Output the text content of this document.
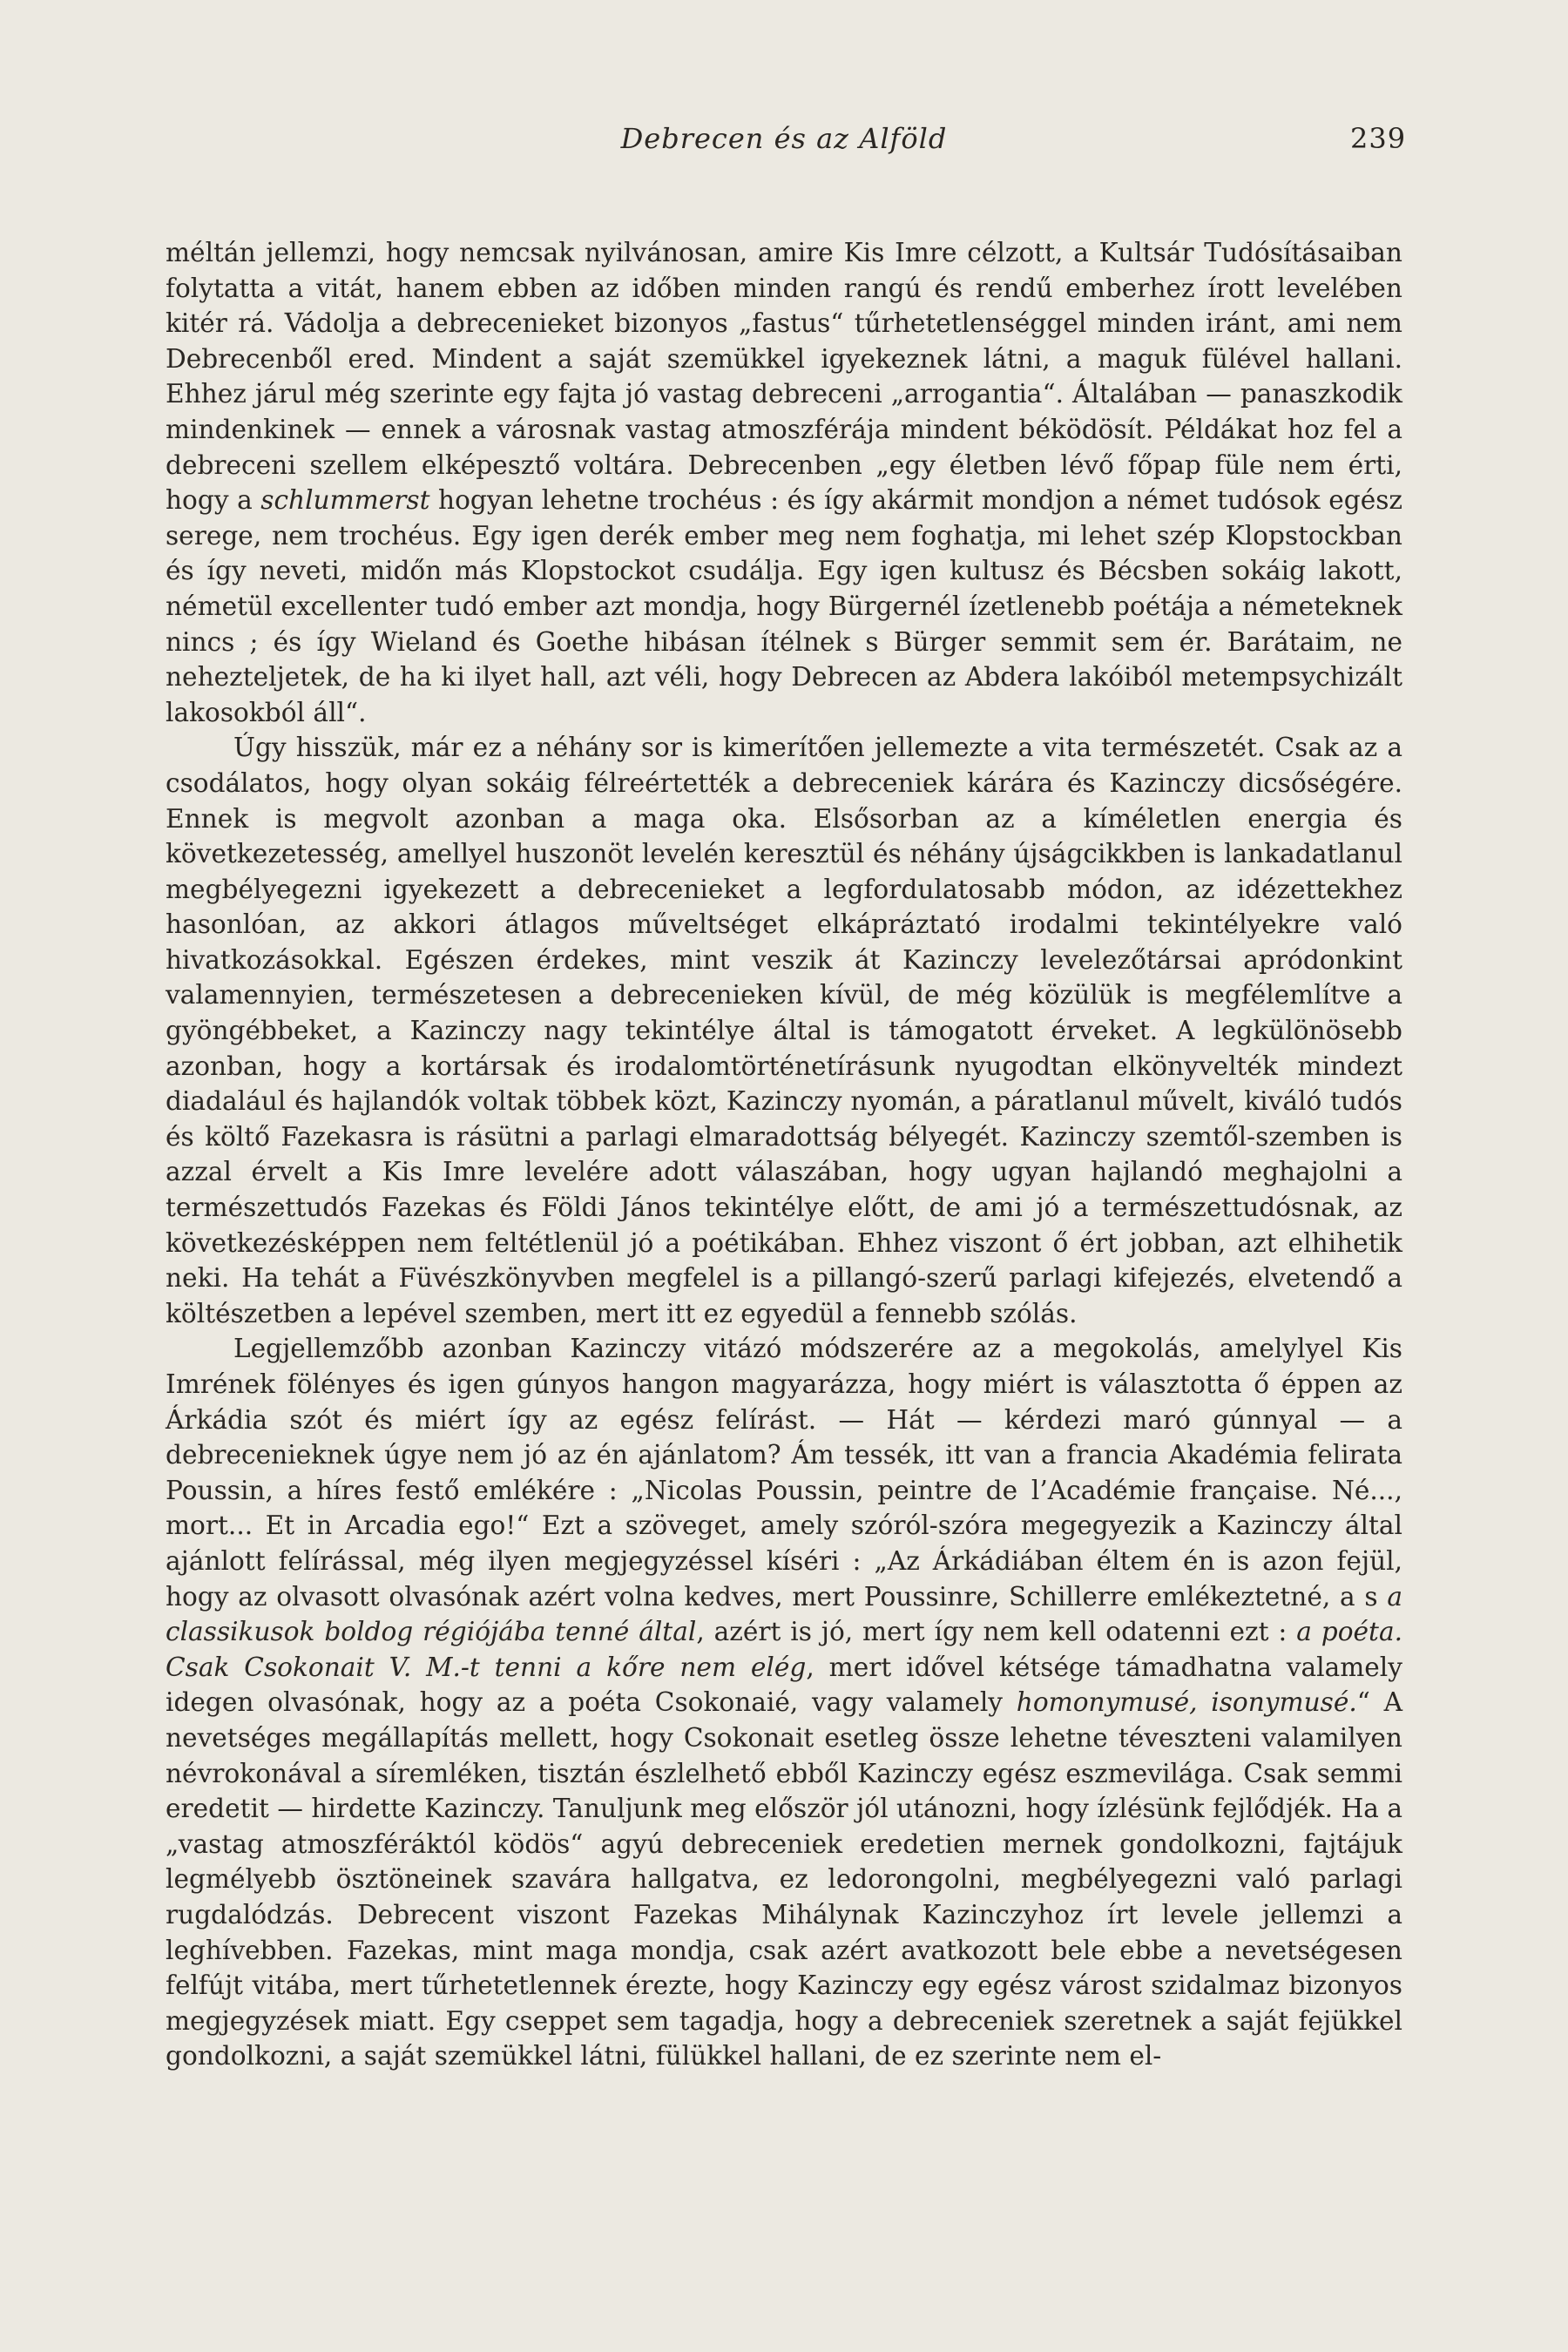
Debrecen és az Alföld	239

méltán jellemzi, hogy nemcsak nyilvánosan, amire Kis Imre célzott, a Kultsár Tudósításaiban folytatta a vitát, hanem ebben az időben minden rangú és rendű emberhez írott levelében kitér rá. Vádolja a debrecenieket bizonyos „fastus“ tűrhetetlenséggel minden iránt, ami nem Debrecenből ered. Mindent a saját szemükkel igyekeznek látni, a maguk fülével hallani. Ehhez járul még szerinte egy fajta jó vastag debreceni „arrogantia“. Általában — panaszkodik mindenkinek — ennek a városnak vastag atmoszférája mindent béködösít. Példákat hoz fel a debreceni szellem elképesztő voltára. Debrecenben „egy életben lévő főpap füle nem érti, hogy a schlummerst hogyan lehetne trochéus : és így akármit mondjon a német tudósok egész serege, nem trochéus. Egy igen derék ember meg nem foghatja, mi lehet szép Klopstockban és így neveti, midőn más Klopstockot csudálja. Egy igen kultusz és Bécsben sokáig lakott, németül excellenter tudó ember azt mondja, hogy Bürgernél ízetlenebb poétája a németeknek nincs ; és így Wieland és Goethe hibásan ítélnek s Bürger semmit sem ér. Barátaim, ne nehezteljetek, de ha ki ilyet hall, azt véli, hogy Debrecen az Abdera lakóiból metempsychizált lakosokból áll“.

Úgy hisszük, már ez a néhány sor is kimerítően jellemezte a vita természetét. Csak az a csodálatos, hogy olyan sokáig félreértették a debreceniek kárára és Kazinczy dicsőségére. Ennek is megvolt azonban a maga oka. Elsősorban az a kíméletlen energia és következetesség, amellyel huszonöt levelén keresztül és néhány újságcikkben is lankadatlanul megbélyegezni igyekezett a debrecenieket a legfordulatosabb módon, az idézettekhez hasonlóan, az akkori átlagos műveltséget elkápráztató irodalmi tekintélyekre való hivatkozásokkal. Egészen érdekes, mint veszik át Kazinczy levelezőtársai apródonkint valamennyien, természetesen a debrecenieken kívül, de még közülük is megfélemlítve a gyöngébbeket, a Kazinczy nagy tekintélye által is támogatott érveket. A legkülönösebb azonban, hogy a kortársak és irodalomtörténetírásunk nyugodtan elkönyvelték mindezt diadalául és hajlandók voltak többek közt, Kazinczy nyomán, a páratlanul művelt, kiváló tudós és költő Fazekasra is rásütni a parlagi elmaradottság bélyegét. Kazinczy szemtől-szemben is azzal érvelt a Kis Imre levelére adott válaszában, hogy ugyan hajlandó meghajolni a természettudós Fazekas és Földi János tekintélye előtt, de ami jó a természettudósnak, az következésképpen nem feltétlenül jó a poétikában. Ehhez viszont ő ért jobban, azt elhihetik neki. Ha tehát a Füvészkönyvben megfelel is a pillangó-szerű parlagi kifejezés, elvetendő a költészetben a lepével szemben, mert itt ez egyedül a fennebb szólás.

Legjellemzőbb azonban Kazinczy vitázó módszerére az a megokolás, amelylyel Kis Imrének fölényes és igen gúnyos hangon magyarázza, hogy miért is választotta ő éppen az Árkádia szót és miért így az egész felírást. — Hát — kérdezi maró gúnnyal — a debrecenieknek úgye nem jó az én ajánlatom? Ám tessék, itt van a francia Akadémia felirata Poussin, a híres festő emlékére : „Nicolas Poussin, peintre de l’Académie française. Né..., mort... Et in Arcadia ego!“ Ezt a szöveget, amely szóról-szóra megegyezik a Kazinczy által ajánlott felírással, még ilyen megjegyzéssel kíséri : „Az Árkádiában éltem én is azon fejül, hogy az olvasott olvasónak azért volna kedves, mert Poussinre, Schillerre emlékeztetné, a s a classikusok boldog régiójába tenné által, azért is jó, mert így nem kell odatenni ezt : a poéta. Csak Csokonait V. M.-t tenni a kőre nem elég, mert idővel kétsége támadhatna valamely idegen olvasónak, hogy az a poéta Csokonaié, vagy valamely homonymusé, isonymusé.“ A nevetséges megállapítás mellett, hogy Csokonait esetleg össze lehetne téveszteni valamilyen névrokonával a síremléken, tisztán észlelhető ebből Kazinczy egész eszmevilága. Csak semmi eredetit — hirdette Kazinczy. Tanuljunk meg először jól utánozni, hogy ízlésünk fejlődjék. Ha a „vastag atmoszféráktól ködös“ agyú debreceniek eredetien mernek gondolkozni, fajtájuk legmélyebb ösztöneinek szavára hallgatva, ez ledorongolni, megbélyegezni való parlagi rugdalódzás. Debrecent viszont Fazekas Mihálynak Kazinczyhoz írt levele jellemzi a leghívebben. Fazekas, mint maga mondja, csak azért avatkozott bele ebbe a nevetségesen felfújt vitába, mert tűrhetetlennek érezte, hogy Kazinczy egy egész várost szidalmaz bizonyos megjegyzések miatt. Egy cseppet sem tagadja, hogy a debreceniek szeretnek a saját fejükkel gondolkozni, a saját szemükkel látni, fülükkel hallani, de ez szerinte nem el-
